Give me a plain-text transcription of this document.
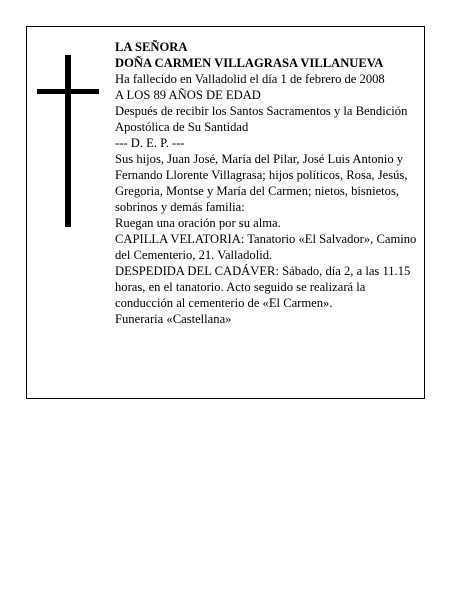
LA SEÑORA

DOÑA CARMEN VILLAGRASA VILLANUEVA

Ha fallecido en Valladolid el día 1 de febrero de 2008

A LOS 89 AÑOS DE EDAD

Después de recibir los Santos Sacramentos y la Bendición Apostólica de Su Santidad

--- D. E. P. ---

Sus hijos, Juan José, María del Pilar, José Luis Antonio y Fernando Llorente Villagrasa; hijos políticos, Rosa, Jesús, Gregoria, Montse y María del Carmen; nietos, bisnietos, sobrinos y demás familia:

Ruegan una oración por su alma.

CAPILLA VELATORIA: Tanatorio «El Salvador», Camino del Cementerio, 21. Valladolid.

DESPEDIDA DEL CADÁVER: Sábado, día 2, a las 11.15 horas, en el tanatorio. Acto seguido se realizará la conducción al cementerio de «El Carmen».

Funeraria «Castellana»
